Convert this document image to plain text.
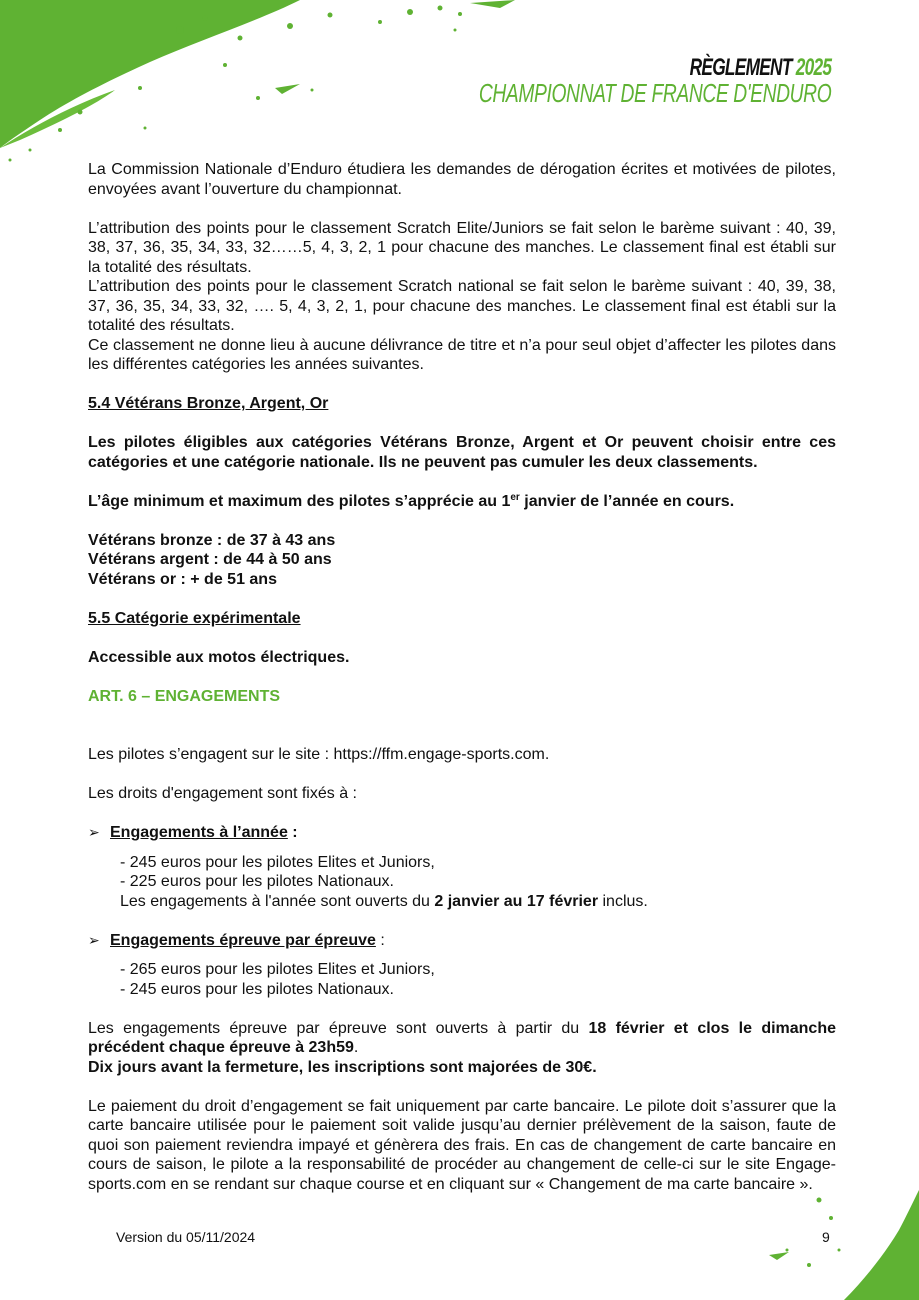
RÈGLEMENT 2025
CHAMPIONNAT DE FRANCE D'ENDURO

La Commission Nationale d’Enduro étudiera les demandes de dérogation écrites et motivées de pilotes, envoyées avant l’ouverture du championnat.

L’attribution des points pour le classement Scratch Elite/Juniors se fait selon le barème suivant : 40, 39, 38, 37, 36, 35, 34, 33, 32……5, 4, 3, 2, 1 pour chacune des manches. Le classement final est établi sur la totalité des résultats.

L’attribution des points pour le classement Scratch national se fait selon le barème suivant : 40, 39, 38, 37, 36, 35, 34, 33, 32, …. 5, 4, 3, 2, 1, pour chacune des manches. Le classement final est établi sur la totalité des résultats.

Ce classement ne donne lieu à aucune délivrance de titre et n’a pour seul objet d’affecter les pilotes dans les différentes catégories les années suivantes.

5.4 Vétérans Bronze, Argent, Or

Les pilotes éligibles aux catégories Vétérans Bronze, Argent et Or peuvent choisir entre ces catégories et une catégorie nationale. Ils ne peuvent pas cumuler les deux classements.

L’âge minimum et maximum des pilotes s’apprécie au 1er janvier de l’année en cours.

Vétérans bronze : de 37 à 43 ans

Vétérans argent : de 44 à 50 ans

Vétérans or : + de 51 ans

5.5 Catégorie expérimentale

Accessible aux motos électriques.

ART. 6 – ENGAGEMENTS

Les pilotes s’engagent sur le site : https://ffm.engage-sports.com.

Les droits d'engagement sont fixés à :

➢ Engagements à l’année :

- 245 euros pour les pilotes Elites et Juniors,

- 225 euros pour les pilotes Nationaux.

Les engagements à l'année sont ouverts du 2 janvier au 17 février inclus.

➢ Engagements épreuve par épreuve :

- 265 euros pour les pilotes Elites et Juniors,

- 245 euros pour les pilotes Nationaux.

Les engagements épreuve par épreuve sont ouverts à partir du 18 février et clos le dimanche précédent chaque épreuve à 23h59.

Dix jours avant la fermeture, les inscriptions sont majorées de 30€.

Le paiement du droit d’engagement se fait uniquement par carte bancaire. Le pilote doit s’assurer que la carte bancaire utilisée pour le paiement soit valide jusqu’au dernier prélèvement de la saison, faute de quoi son paiement reviendra impayé et génèrera des frais. En cas de changement de carte bancaire en cours de saison, le pilote a la responsabilité de procéder au changement de celle-ci sur le site Engage-sports.com en se rendant sur chaque course et en cliquant sur « Changement de ma carte bancaire ».

Version du 05/11/2024	9
